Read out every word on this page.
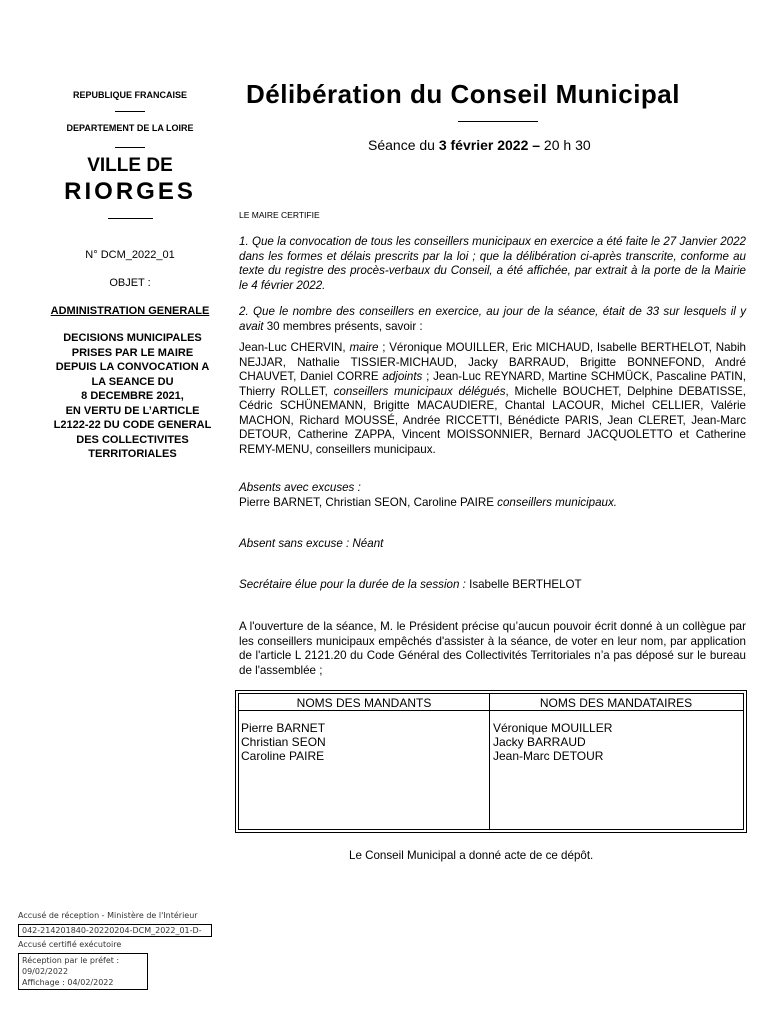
REPUBLIQUE FRANCAISE
DEPARTEMENT DE LA LOIRE
VILLE DE
RIORGES
N° DCM_2022_01
OBJET :
ADMINISTRATION GENERALE
DECISIONS MUNICIPALES
PRISES PAR LE MAIRE
DEPUIS LA CONVOCATION A
LA SEANCE DU
8 DECEMBRE 2021,
EN VERTU DE L’ARTICLE
L2122-22 DU CODE GENERAL
DES COLLECTIVITES
TERRITORIALES
Délibération du Conseil Municipal
Séance du 3 février 2022 – 20 h 30
LE MAIRE CERTIFIE
1. Que la convocation de tous les conseillers municipaux en exercice a été faite le 27 Janvier 2022 dans les formes et délais prescrits par la loi ; que la délibération ci-après transcrite, conforme au texte du registre des procès-verbaux du Conseil, a été affichée, par extrait à la porte de la Mairie le 4 février 2022.
2. Que le nombre des conseillers en exercice, au jour de la séance, était de 33 sur lesquels il y avait 30 membres présents, savoir :
Jean-Luc CHERVIN, maire ; Véronique MOUILLER, Eric MICHAUD, Isabelle BERTHELOT, Nabih NEJJAR, Nathalie TISSIER-MICHAUD, Jacky BARRAUD, Brigitte BONNEFOND, André CHAUVET, Daniel CORRE adjoints ; Jean-Luc REYNARD, Martine SCHMÜCK, Pascaline PATIN, Thierry ROLLET, conseillers municipaux délégués, Michelle BOUCHET, Delphine DEBATISSE, Cédric SCHÜNEMANN, Brigitte MACAUDIERE, Chantal LACOUR, Michel CELLIER, Valérie MACHON, Richard MOUSSÉ, Andrée RICCETTI, Bénédicte PARIS, Jean CLERET, Jean-Marc DETOUR, Catherine ZAPPA, Vincent MOISSONNIER, Bernard JACQUOLETTO et Catherine REMY-MENU, conseillers municipaux.
Absents avec excuses :
Pierre BARNET, Christian SEON, Caroline PAIRE conseillers municipaux.
Absent sans excuse : Néant
Secrétaire élue pour la durée de la session : Isabelle BERTHELOT
A l'ouverture de la séance, M. le Président précise qu’aucun pouvoir écrit donné à un collègue par les conseillers municipaux empêchés d'assister à la séance, de voter en leur nom, par application de l'article L 2121.20 du Code Général des Collectivités Territoriales n’a pas déposé sur le bureau de l'assemblée ;
NOMS DES MANDANTS	NOMS DES MANDATAIRES
Pierre BARNET
Christian SEON
Caroline PAIRE
Véronique MOUILLER
Jacky BARRAUD
Jean-Marc DETOUR
Le Conseil Municipal a donné acte de ce dépôt.
Accusé de réception - Ministère de l'Intérieur
042-214201840-20220204-DCM_2022_01-D-
Accusé certifié exécutoire
Réception par le préfet : 09/02/2022
Affichage : 04/02/2022
